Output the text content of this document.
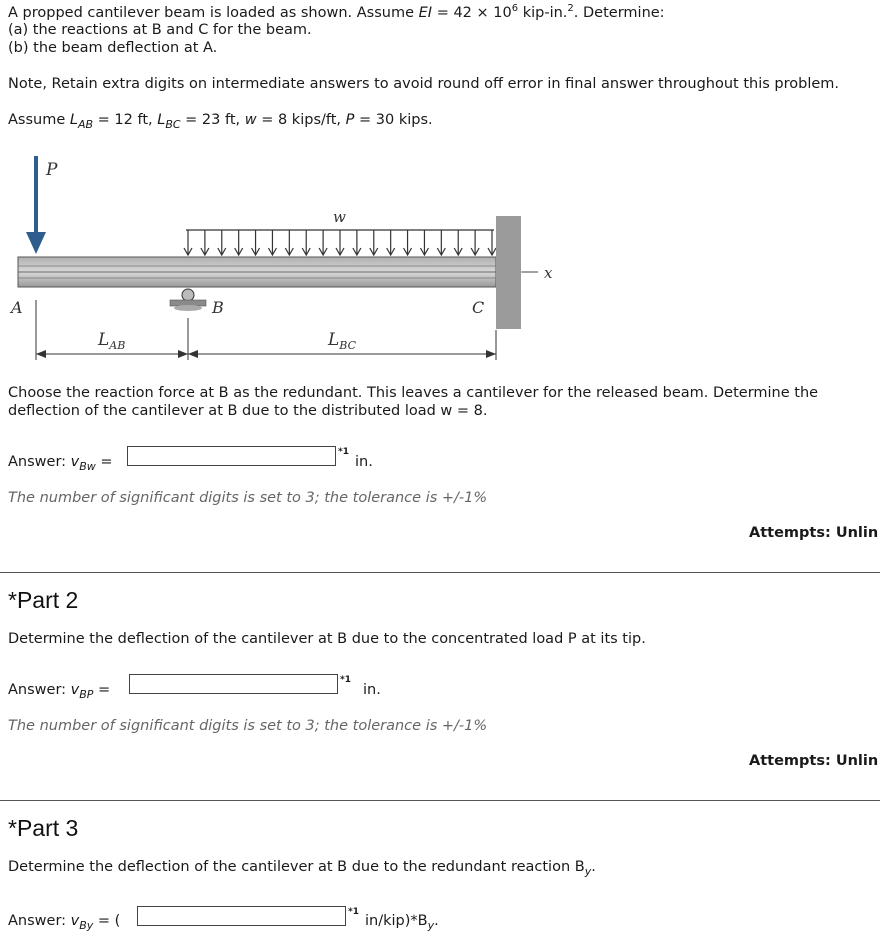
A propped cantilever beam is loaded as shown. Assume EI = $42 \times 10^6$ kip-in.$^2$. Determine:
(a) the reactions at B and C for the beam.
(b) the beam deflection at A.
Note, Retain extra digits on intermediate answers to avoid round off error in final answer throughout this problem.
Assume $L_{AB} = 12$ ft, $L_{BC} = 23$ ft, w = 8 kips/ft, P = 30 kips.
P
w
x
B	C
A
$L_{AB}$	$L_{BC}$
Choose the reaction force at B as the redundant. This leaves a cantilever for the released beam. Determine the
deflection of the cantilever at B due to the distributed load w = 8.
Answer: $v_{Bw}$ =
*1
in.
The number of significant digits is set to 3; the tolerance is +/-1%
Attempts: Unlin
*Part 2
Determine the deflection of the cantilever at B due to the concentrated load P at its tip.
Answer: $v_{BP}$ =
*1
in.
The number of significant digits is set to 3; the tolerance is +/-1%
Attempts: Unlin
*Part 3
Determine the deflection of the cantilever at B due to the redundant reaction $B_y$.
Answer: $v_{By}$ = (
*1
$in/kip)*B_y$.
